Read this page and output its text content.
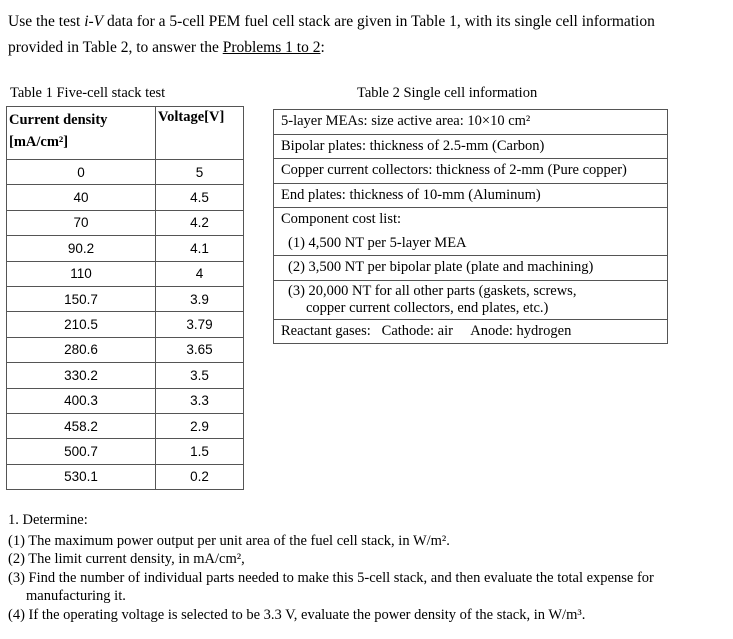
Use the test i-V data for a 5-cell PEM fuel cell stack are given in Table 1, with its single cell information
provided in Table 2, to answer the Problems 1 to 2:
Table 1 Five-cell stack test	Table 2 Single cell information
Current density
[mA/cm²]	Voltage[V]
0	5
40	4.5
70	4.2
90.2	4.1
110	4
150.7	3.9
210.5	3.79
280.6	3.65
330.2	3.5
400.3	3.3
458.2	2.9
500.7	1.5
530.1	0.2
5-layer MEAs: size active area: 10×10 cm²
Bipolar plates: thickness of 2.5-mm (Carbon)
Copper current collectors: thickness of 2-mm (Pure copper)
End plates: thickness of 10-mm (Aluminum)
Component cost list:
(1) 4,500 NT per 5-layer MEA
(2) 3,500 NT per bipolar plate (plate and machining)
(3) 20,000 NT for all other parts (gaskets, screws,
copper current collectors, end plates, etc.)
Reactant gases:   Cathode: air     Anode: hydrogen

1. Determine:

(1) The maximum power output per unit area of the fuel cell stack, in W/m².

(2) The limit current density, in mA/cm²,

(3) Find the number of individual parts needed to make this 5-cell stack, and then evaluate the total expense for
manufacturing it.

(4) If the operating voltage is selected to be 3.3 V, evaluate the power density of the stack, in W/m³.
